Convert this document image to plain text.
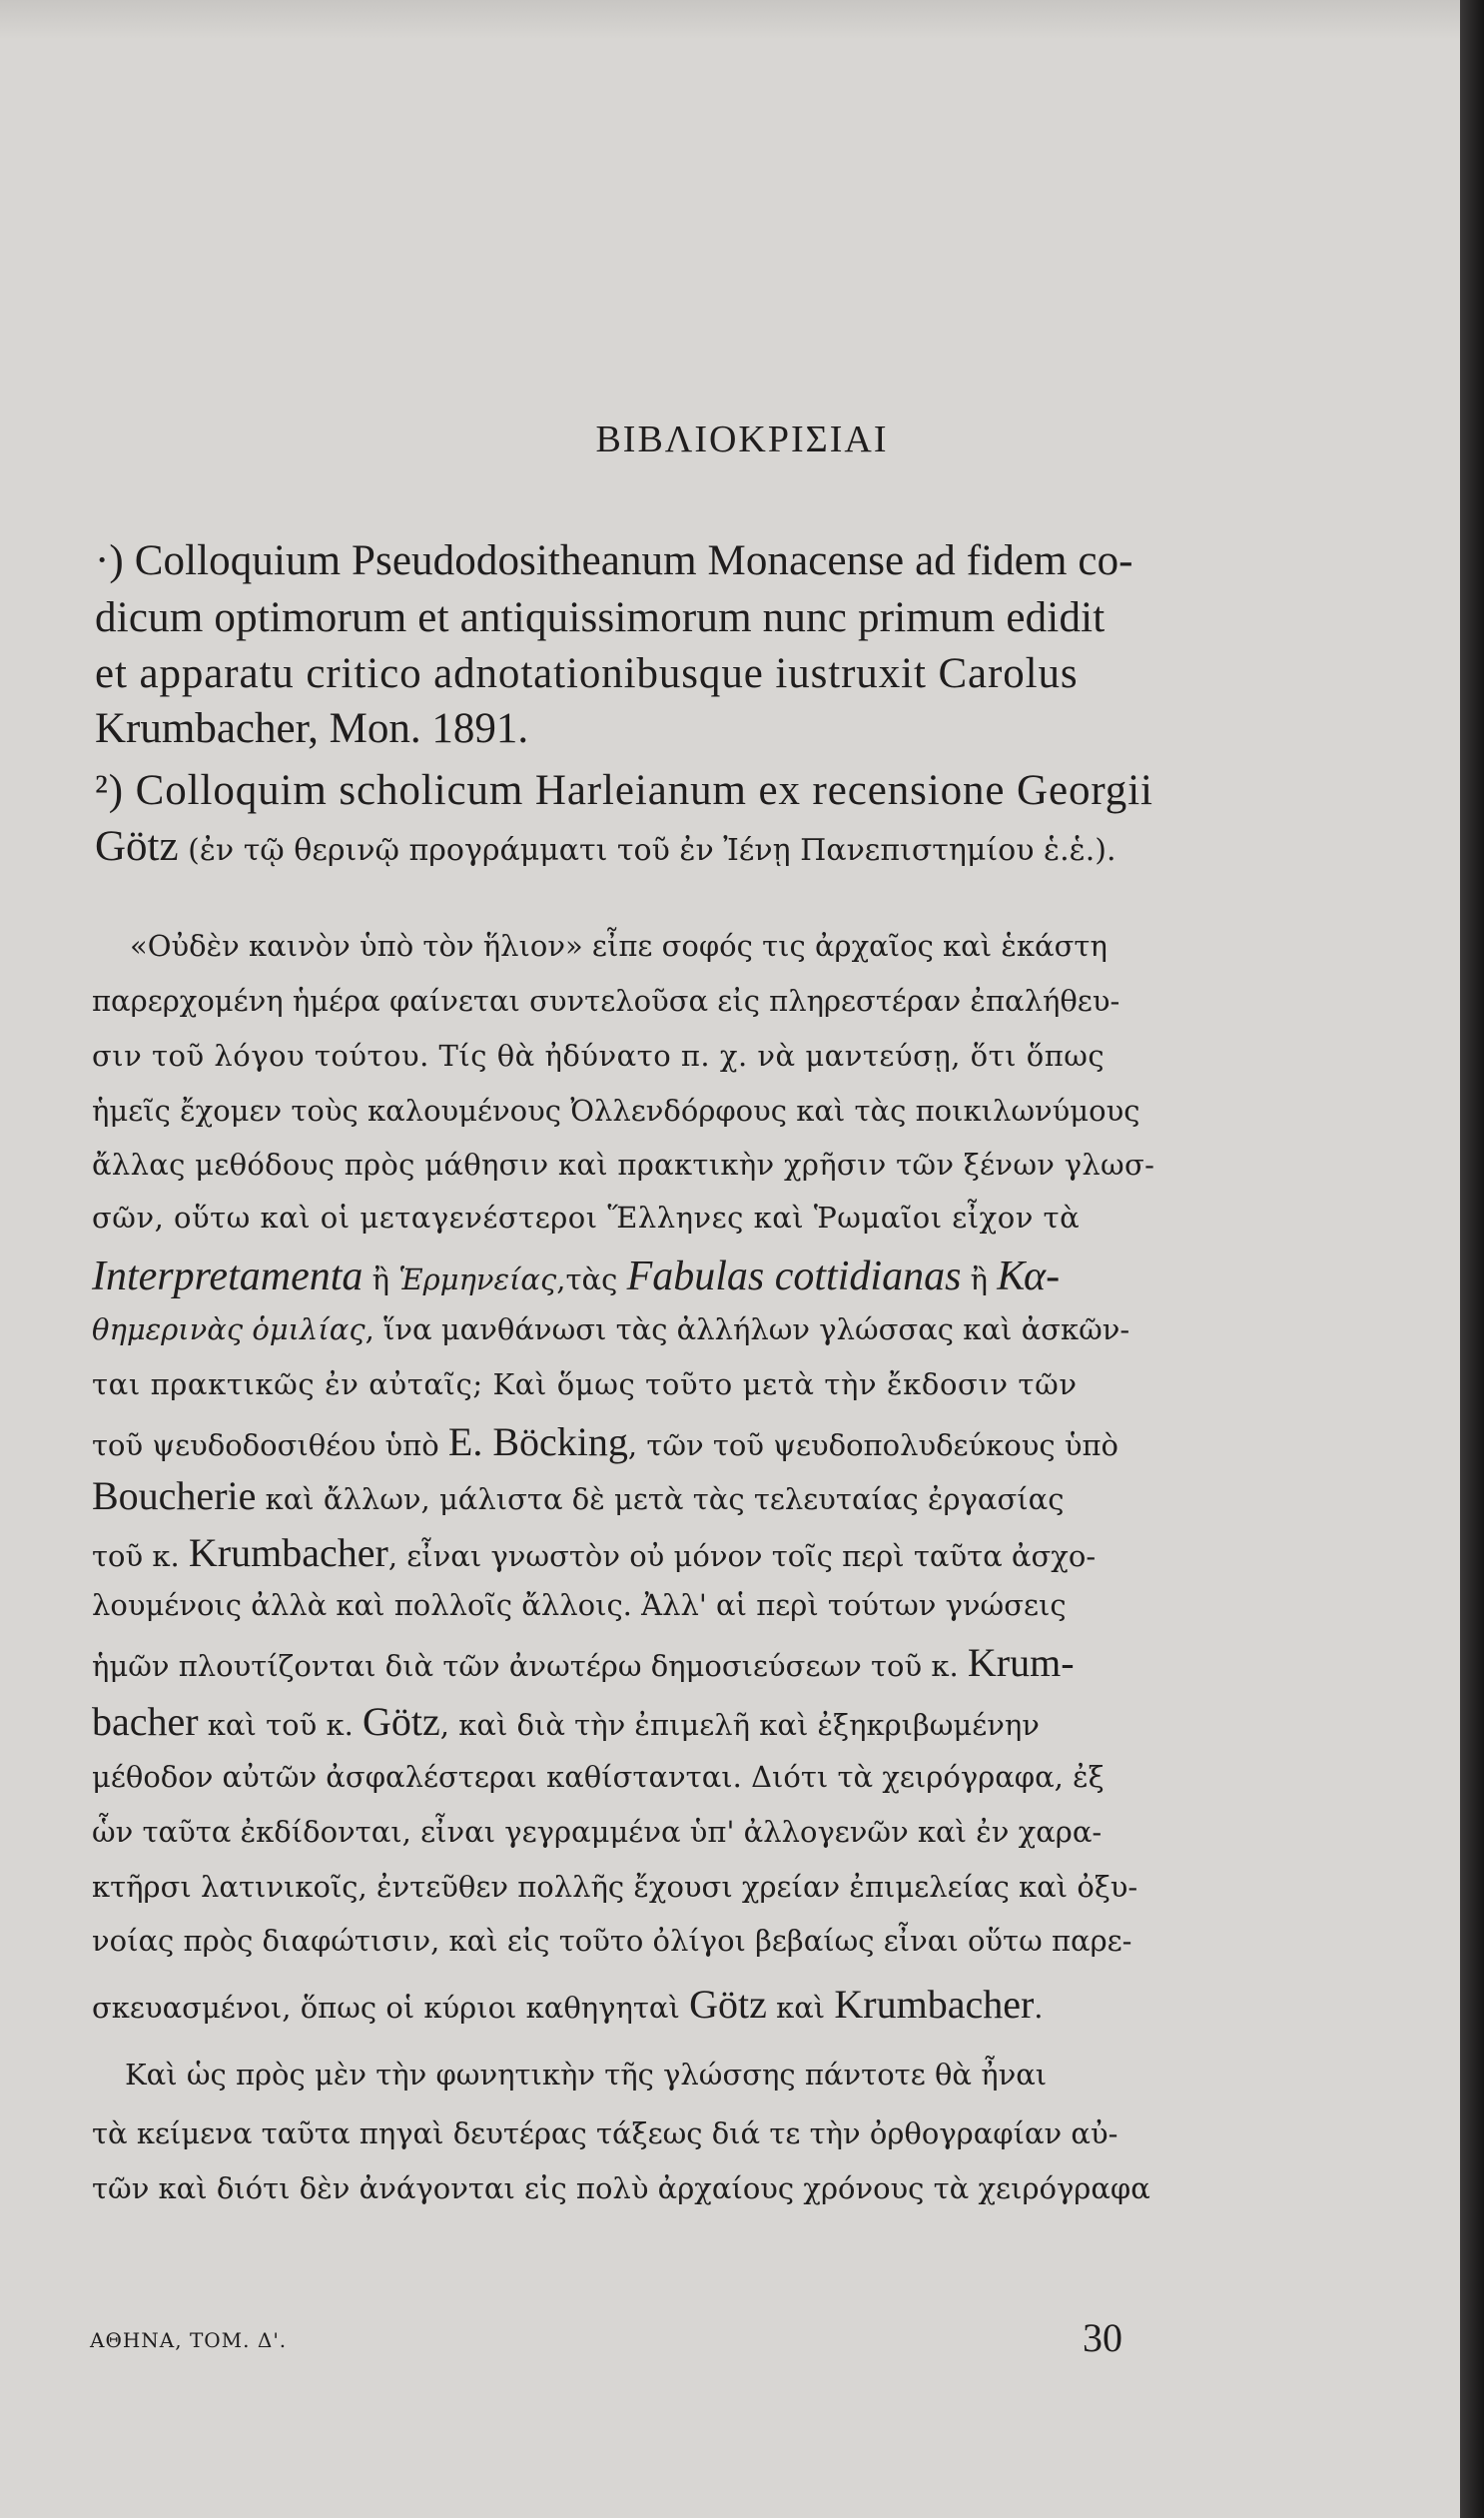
ΒΙΒΛΙΟΚΡΙΣΙΑΙ

·) Colloquium Pseudodositheanum Monacense ad fidem co-

dicum optimorum et antiquissimorum nunc primum edidit

et apparatu critico adnotationibusque iustruxit Carolus

Krumbacher, Mon. 1891.

²) Colloquim scholicum Harleianum ex recensione Georgii

Götz (ἐν τῷ θερινῷ προγράμματι τοῦ ἐν Ἰένῃ Πανεπιστημίου ἑ.ἑ.).

«Οὐδὲν καινὸν ὑπὸ τὸν ἥλιον» εἶπε σοφός τις ἀρχαῖος καὶ ἑκάστη

παρερχομένη ἡμέρα φαίνεται συντελοῦσα εἰς πληρεστέραν ἐπαλήθευ-

σιν τοῦ λόγου τούτου. Τίς θὰ ἠδύνατο π. χ. νὰ μαντεύσῃ, ὅτι ὅπως

ἡμεῖς ἔχομεν τοὺς καλουμένους Ὀλλενδόρφους καὶ τὰς ποικιλωνύμους

ἄλλας μεθόδους πρὸς μάθησιν καὶ πρακτικὴν χρῆσιν τῶν ξένων γλωσ-

σῶν, οὕτω καὶ οἱ μεταγενέστεροι Ἕλληνες καὶ Ῥωμαῖοι εἶχον τὰ

Interpretamenta ἢ Ἑρμηνείας,τὰς Fabulas cottidianas ἢ Κα-

θημερινὰς ὁμιλίας, ἵνα μανθάνωσι τὰς ἀλλήλων γλώσσας καὶ ἀσκῶν-

ται πρακτικῶς ἐν αὐταῖς; Καὶ ὅμως τοῦτο μετὰ τὴν ἔκδοσιν τῶν

τοῦ ψευδοδοσιθέου ὑπὸ E. Böcking, τῶν τοῦ ψευδοπολυδεύκους ὑπὸ

Boucherie καὶ ἄλλων, μάλιστα δὲ μετὰ τὰς τελευταίας ἐργασίας

τοῦ κ. Krumbacher, εἶναι γνωστὸν οὐ μόνον τοῖς περὶ ταῦτα ἀσχο-

λουμένοις ἀλλὰ καὶ πολλοῖς ἄλλοις. Ἀλλ' αἱ περὶ τούτων γνώσεις

ἡμῶν πλουτίζονται διὰ τῶν ἀνωτέρω δημοσιεύσεων τοῦ κ. Krum-

bacher καὶ τοῦ κ. Götz, καὶ διὰ τὴν ἐπιμελῆ καὶ ἐξηκριβωμένην

μέθοδον αὐτῶν ἀσφαλέστεραι καθίστανται. Διότι τὰ χειρόγραφα, ἐξ

ὧν ταῦτα ἐκδίδονται, εἶναι γεγραμμένα ὑπ' ἀλλογενῶν καὶ ἐν χαρα-

κτῆρσι λατινικοῖς, ἐντεῦθεν πολλῆς ἔχουσι χρείαν ἐπιμελείας καὶ ὀξυ-

νοίας πρὸς διαφώτισιν, καὶ εἰς τοῦτο ὀλίγοι βεβαίως εἶναι οὕτω παρε-

σκευασμένοι, ὅπως οἱ κύριοι καθηγηταὶ Götz καὶ Krumbacher.

Καὶ ὡς πρὸς μὲν τὴν φωνητικὴν τῆς γλώσσης πάντοτε θὰ ἦναι

τὰ κείμενα ταῦτα πηγαὶ δευτέρας τάξεως διά τε τὴν ὀρθογραφίαν αὐ-

τῶν καὶ διότι δὲν ἀνάγονται εἰς πολὺ ἀρχαίους χρόνους τὰ χειρόγραφα

ΑΘΗΝΑ, ΤΟΜ. Δ'.	30
